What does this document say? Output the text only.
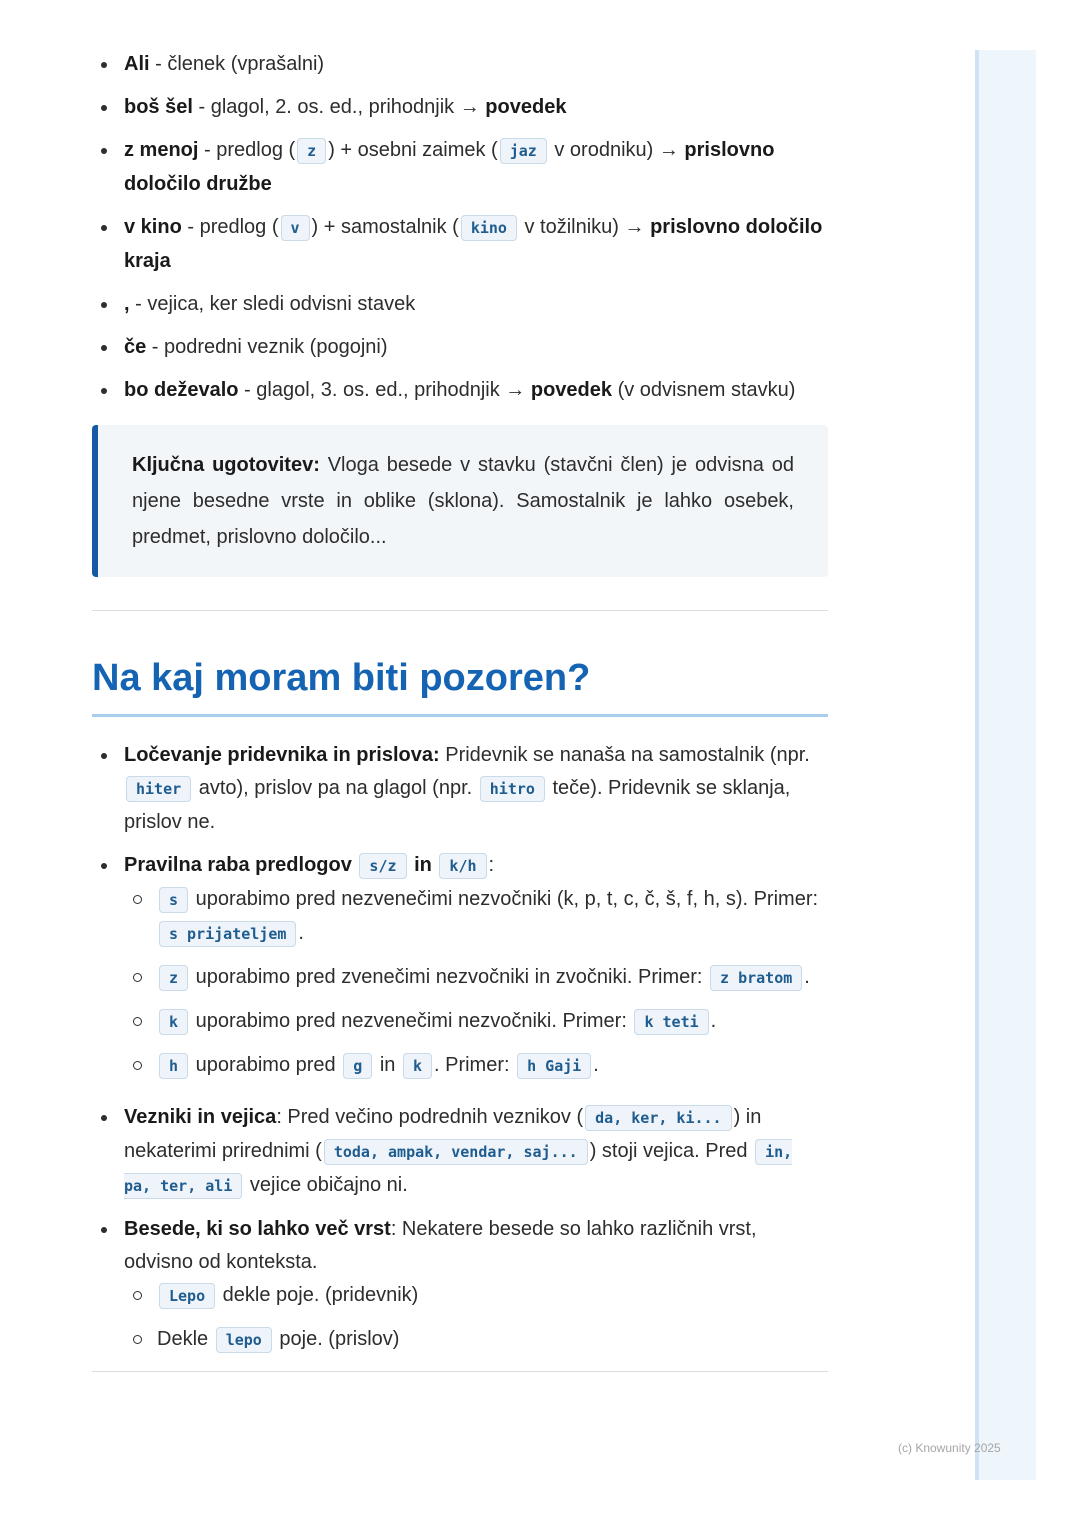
Ali - členek (vprašalni)
boš šel - glagol, 2. os. ed., prihodnjik → povedek
z menoj - predlog ( z ) + osebni zaimek ( jaz v orodniku) → prislovno določilo družbe
v kino - predlog ( v ) + samostalnik ( kino v tožilniku) → prislovno določilo kraja
, - vejica, ker sledi odvisni stavek
če - podredni veznik (pogojni)
bo deževalo - glagol, 3. os. ed., prihodnjik → povedek (v odvisnem stavku)
Ključna ugotovitev: Vloga besede v stavku (stavčni člen) je odvisna od njene besedne vrste in oblike (sklona). Samostalnik je lahko osebek, predmet, prislovno določilo...
Na kaj moram biti pozoren?
Ločevanje pridevnika in prislova: Pridevnik se nanaša na samostalnik (npr. hiter avto), prislov pa na glagol (npr. hitro teče). Pridevnik se sklanja, prislov ne.
Pravilna raba predlogov s/z in k/h :
s uporabimo pred nezvenečimi nezvočniki (k, p, t, c, č, š, f, h, s). Primer: s prijateljem .
z uporabimo pred zvenečimi nezvočniki in zvočniki. Primer: z bratom .
k uporabimo pred nezvenečimi nezvočniki. Primer: k teti .
h uporabimo pred g in k . Primer: h Gaji .
Vezniki in vejica: Pred večino podrednih veznikov ( da, ker, ki... ) in nekaterimi prirednimi ( toda, ampak, vendar, saj... ) stoji vejica. Pred in, pa, ter, ali vejice običajno ni.
Besede, ki so lahko več vrst: Nekatere besede so lahko različnih vrst, odvisno od konteksta.
Lepo dekle poje. (pridevnik)
Dekle lepo poje. (prislov)
(c) Knowunity 2025
